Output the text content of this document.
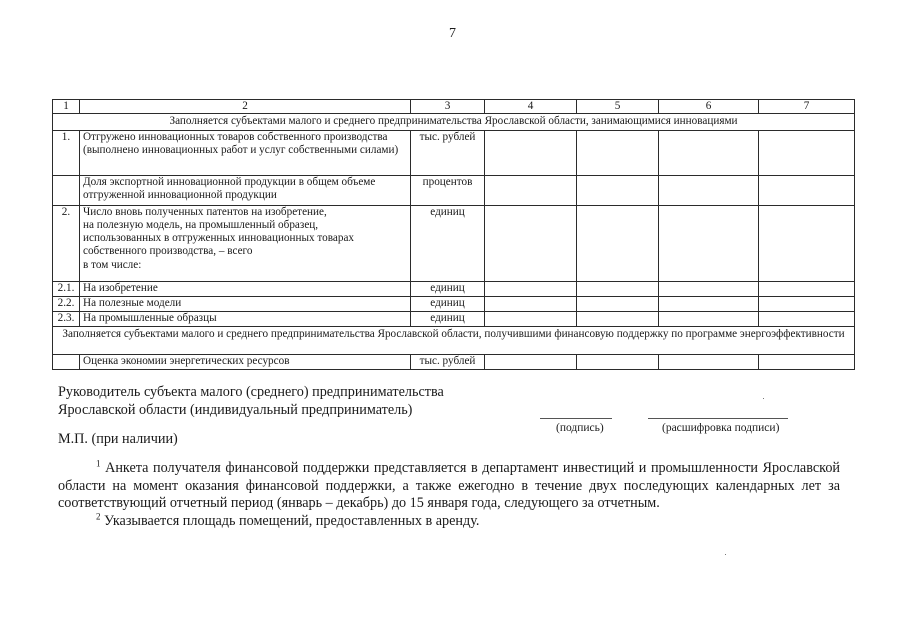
7
1	2	3	4	5	6	7
Заполняется субъектами малого и среднего предпринимательства Ярославской области, занимающимися инновациями						
1.	Отгружено инновационных товаров собственного производства (выполнено инновационных работ и услуг собственными силами)	тыс. рублей				
	Доля экспортной инновационной продукции в общем объеме отгруженной инновационной продукции	процентов				
2.	Число вновь полученных патентов на изобретение,
на полезную модель, на промышленный образец,
использованных в отгруженных инновационных товарах
собственного производства, – всего
в том числе:	единиц				
2.1.	На изобретение	единиц				
2.2.	На полезные модели	единиц				
2.3.	На промышленные образцы	единиц				
Заполняется субъектами малого и среднего предпринимательства Ярославской области, получившими финансовую поддержку по программе энергоэффективности						
	Оценка экономии энергетических ресурсов	тыс. рублей				
Руководитель субъекта малого (среднего) предпринимательства
Ярославской области (индивидуальный предприниматель)
(подпись)	(расшифровка подписи)
М.П. (при наличии)

$^1$ Анкета получателя финансовой поддержки представляется в департамент инвестиций и промышленности Ярославской области на момент оказания финансовой поддержки, а также ежегодно в течение двух последующих календарных лет за соответствующий отчетный период (январь – декабрь) до 15 января года, следующего за отчетным.

$^2$ Указывается площадь помещений, предоставленных в аренду.
